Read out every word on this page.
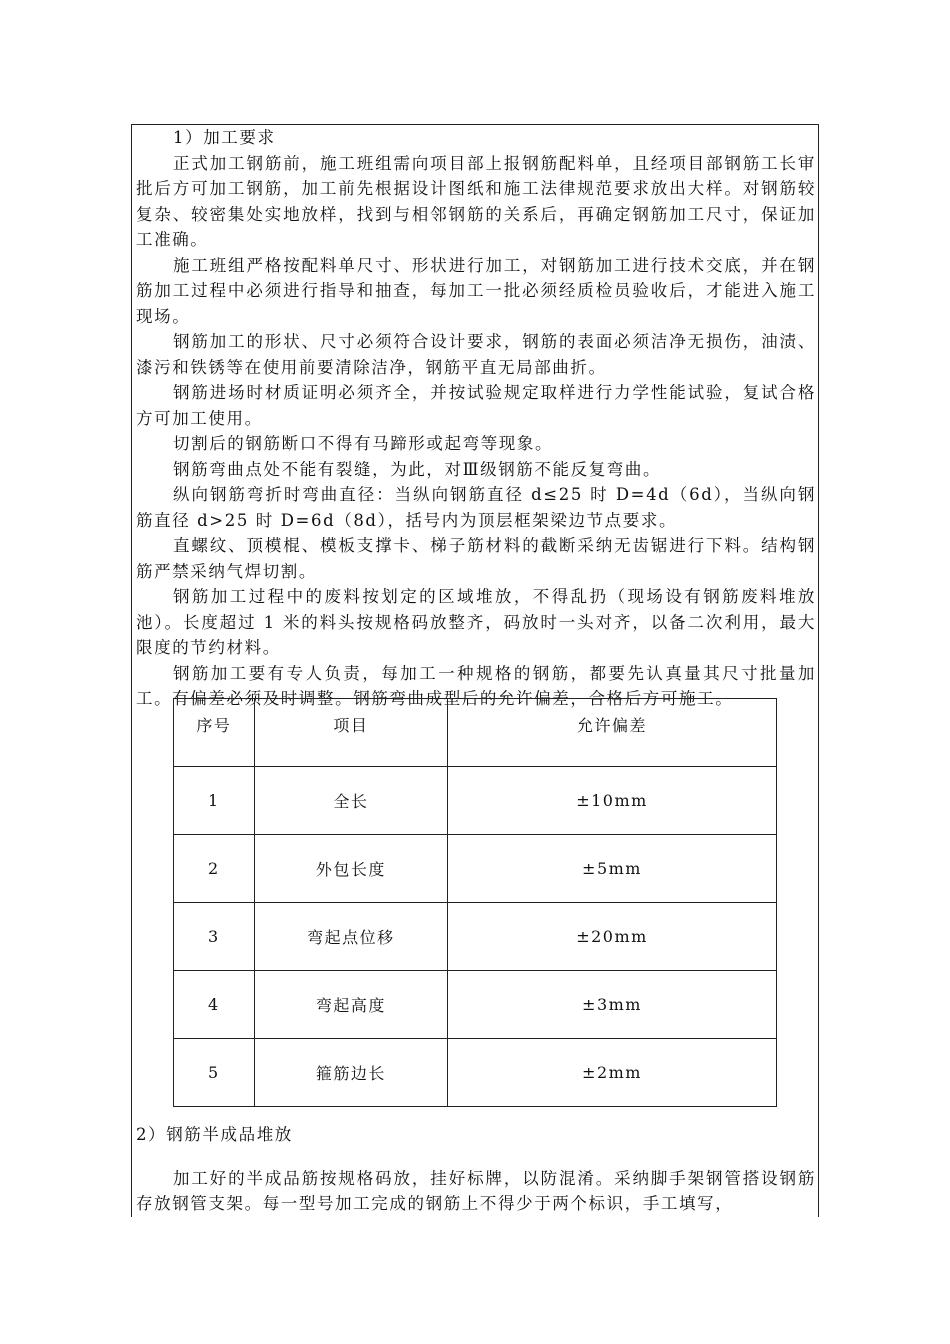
1）加工要求

正式加工钢筋前，施工班组需向项目部上报钢筋配料单，且经项目部钢筋工长审批后方可加工钢筋，加工前先根据设计图纸和施工法律规范要求放出大样。对钢筋较复杂、较密集处实地放样，找到与相邻钢筋的关系后，再确定钢筋加工尺寸，保证加工准确。

施工班组严格按配料单尺寸、形状进行加工，对钢筋加工进行技术交底，并在钢筋加工过程中必须进行指导和抽查，每加工一批必须经质检员验收后，才能进入施工现场。

钢筋加工的形状、尺寸必须符合设计要求，钢筋的表面必须洁净无损伤，油渍、漆污和铁锈等在使用前要清除洁净，钢筋平直无局部曲折。

钢筋进场时材质证明必须齐全，并按试验规定取样进行力学性能试验，复试合格方可加工使用。

切割后的钢筋断口不得有马蹄形或起弯等现象。

钢筋弯曲点处不能有裂缝，为此，对Ⅲ级钢筋不能反复弯曲。

纵向钢筋弯折时弯曲直径：当纵向钢筋直径 d≤25 时 D=4d（6d），当纵向钢筋直径 d>25 时 D=6d（8d），括号内为顶层框架梁边节点要求。

直螺纹、顶模棍、模板支撑卡、梯子筋材料的截断采纳无齿锯进行下料。结构钢筋严禁采纳气焊切割。

钢筋加工过程中的废料按划定的区域堆放，不得乱扔（现场设有钢筋废料堆放池）。长度超过 1 米的料头按规格码放整齐，码放时一头对齐，以备二次利用，最大限度的节约材料。

钢筋加工要有专人负责，每加工一种规格的钢筋，都要先认真量其尺寸批量加工。有偏差必须及时调整。钢筋弯曲成型后的允许偏差，合格后方可施工。

序号	项目	允许偏差
1	全长	±10mm
2	外包长度	±5mm
3	弯起点位移	±20mm
4	弯起高度	±3mm
5	箍筋边长	±2mm

2）钢筋半成品堆放

加工好的半成品筋按规格码放，挂好标牌，以防混淆。采纳脚手架钢管搭设钢筋存放钢管支架。每一型号加工完成的钢筋上不得少于两个标识，手工填写，
